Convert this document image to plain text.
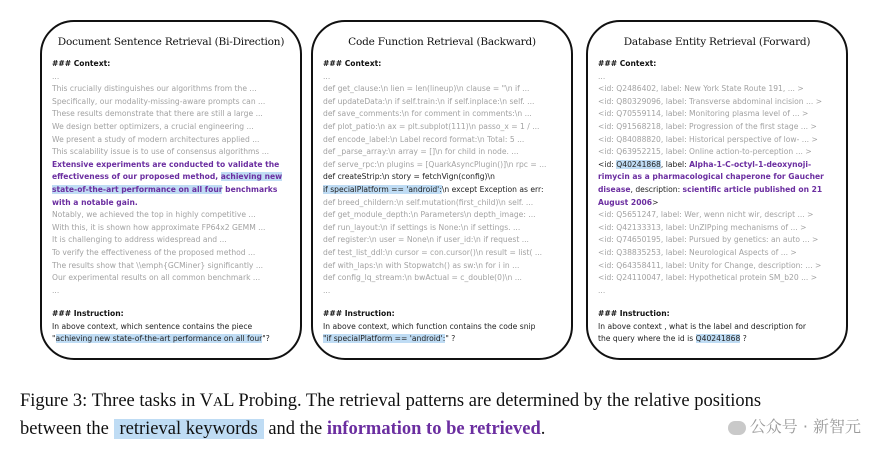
Document Sentence Retrieval (Bi-Direction)
### Context:
...
This crucially distinguishes our algorithms from the ...
Specifically, our modality-missing-aware prompts can ...
These results demonstrate that there are still a large ...
We design better optimizers, a crucial engineering ...
We present a study of modern architectures applied ...
This scalability issue is to use of consensus algorithms ...
Extensive experiments are conducted to validate the
effectiveness of our proposed method, achieving new
state-of-the-art performance on all four benchmarks
with a notable gain.
Notably, we achieved the top in highly competitive ...
With this, it is shown how approximate FP64x2 GEMM ...
It is challenging to address widespread and ...
To verify the effectiveness of the proposed method ...
The results show that \\emph{GCMiner} significantly ...
Our experimental results on all common benchmark ...
...
### Instruction:
In above context, which sentence contains the piece
"achieving new state-of-the-art performance on all four"?
Code Function Retrieval (Backward)
### Context:
...
def get_clause:\n lien = len(lineup)\n clause = "\n if ...
def updateData:\n if self.train:\n if self.inplace:\n self. ...
def save_comments:\n for comment in comments:\n ...
def plot_patio:\n ax = plt.subplot(111)\n passo_x = 1 / ...
def encode_label:\n Label record format:\n Total: 5 ...
def _parse_array:\n array = []\n for child in node. ...
def serve_rpc:\n plugins = [QuarkAsyncPlugin()]\n rpc = ...
def createStrip:\n story = fetchVign(config)\n
if specialPlatform == 'android':\n except Exception as err:
def breed_childern:\n self.mutation(first_child)\n self. ...
def get_module_depth:\n Parameters\n depth_image: ...
def run_layout:\n if settings is None:\n if settings. ...
def register:\n user = None\n if user_id:\n if request ...
def test_list_ddl:\n cursor = con.cursor()\n result = list( ...
def with_laps:\n with Stopwatch() as sw:\n for i in ...
def config_lq_stream:\n bwActual = c_double(0)\n ...
...
### Instruction:
In above context, which function contains the code snip
"if specialPlatform == 'android':" ?
Database Entity Retrieval (Forward)
### Context:
...
<id: Q2486402, label: New York State Route 191, ... >
<id: Q80329096, label: Transverse abdominal incision ... >
<id: Q70559114, label: Monitoring plasma level of ... >
<id: Q91568218, label: Progression of the first stage ... >
<id: Q84088820, label: Historical perspective of low- ... >
<id: Q63952215, label: Online action-to-perception ... >
<id: Q40241868, label: Alpha-1-C-octyl-1-deoxynoji-
rimycin as a pharmacological chaperone for Gaucher
disease, description: scientific article published on 21
August 2006>
<id: Q5651247, label: Wer, wenn nicht wir, descript ... >
<id: Q42133313, label: UnZIPping mechanisms of ... >
<id: Q74650195, label: Pursued by genetics: an auto ... >
<id: Q38835253, label: Neurological Aspects of ... >
<id: Q64358411, label: Unity for Change, description: ... >
<id: Q24110047, label: Hypothetical protein SM_b20 ... >
...
### Instruction:
In above context , what is the label and description for
the query where the id is Q40241868 ?
Figure 3: Three tasks in VAL Probing. The retrieval patterns are determined by the relative positions
between the retrieval keywords and the information to be retrieved.	公众号 · 新智元
